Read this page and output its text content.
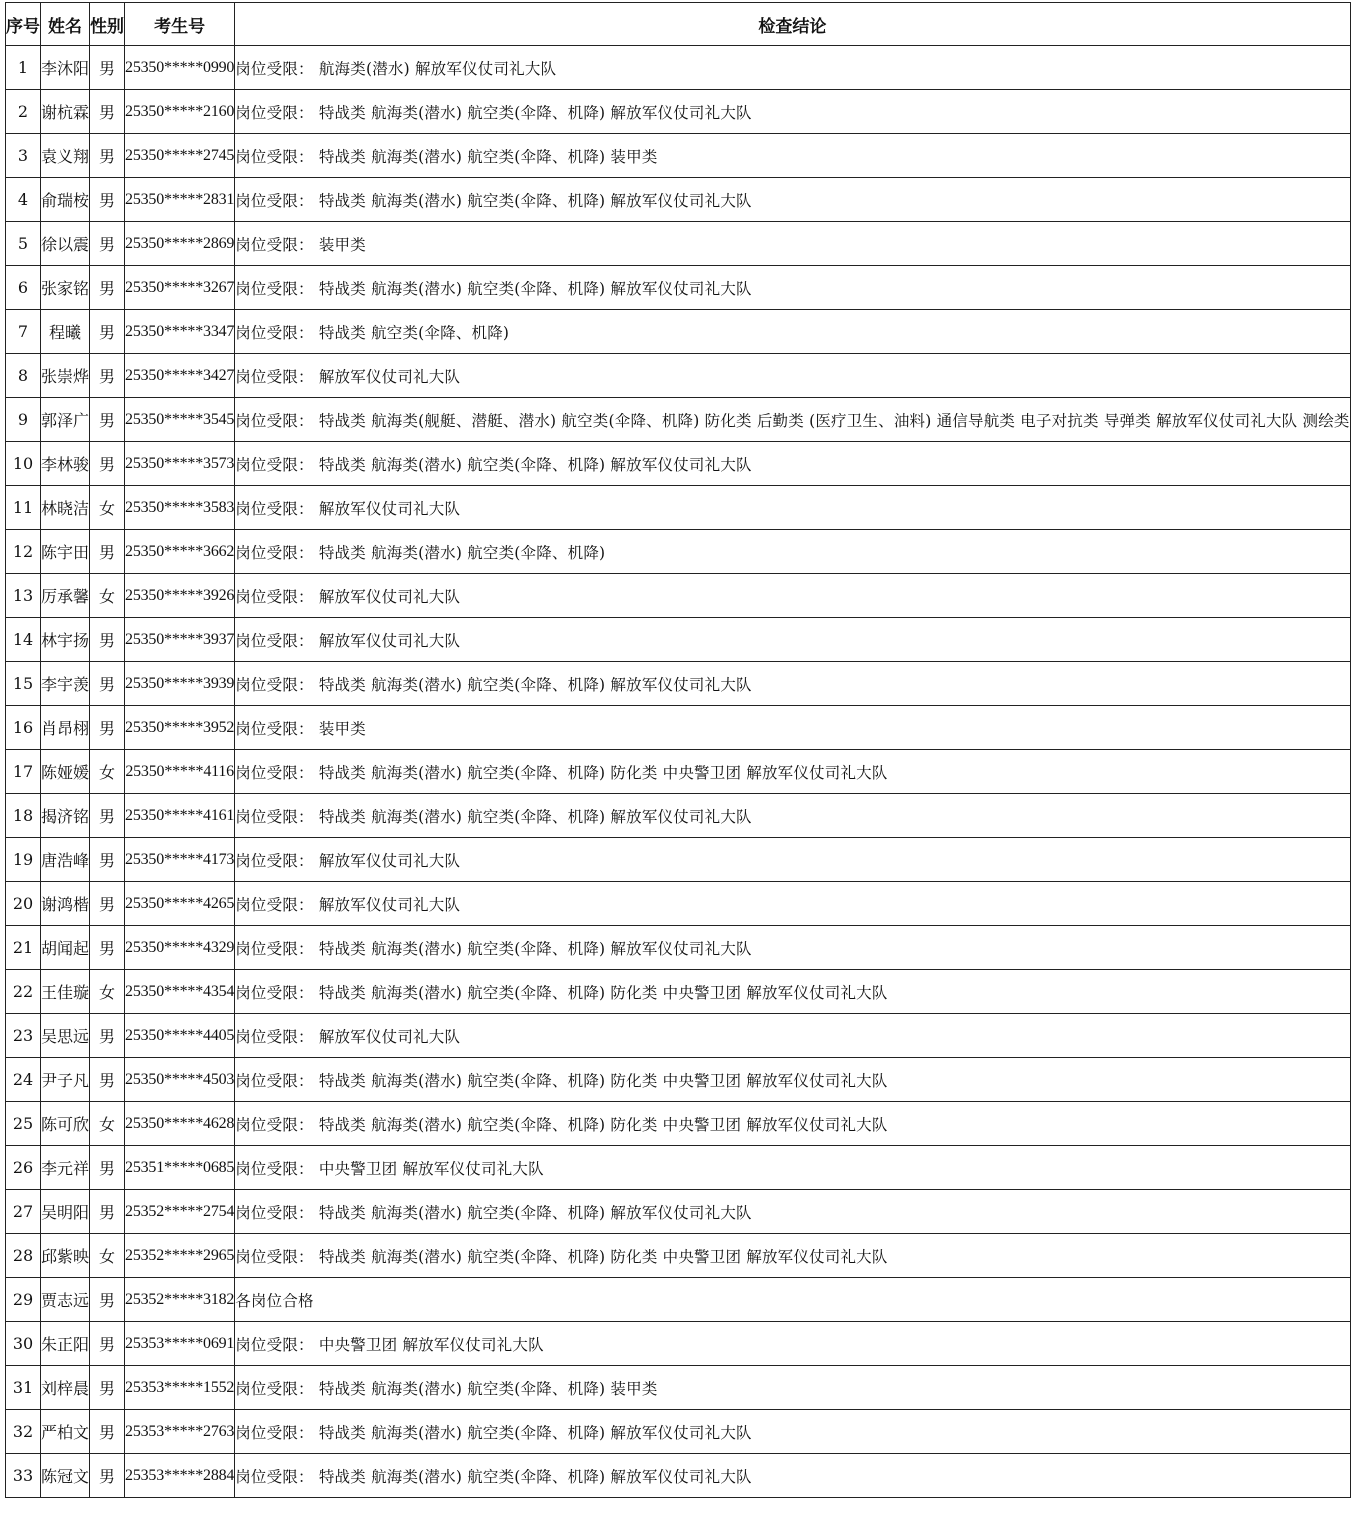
序号	姓名	性别	考生号	检查结论
1	李沐阳	男	25350*****0990	岗位受限： 航海类(潜水) 解放军仪仗司礼大队
2	谢杭霖	男	25350*****2160	岗位受限： 特战类 航海类(潜水) 航空类(伞降、机降) 解放军仪仗司礼大队
3	袁义翔	男	25350*****2745	岗位受限： 特战类 航海类(潜水) 航空类(伞降、机降) 装甲类
4	俞瑞桉	男	25350*****2831	岗位受限： 特战类 航海类(潜水) 航空类(伞降、机降) 解放军仪仗司礼大队
5	徐以震	男	25350*****2869	岗位受限： 装甲类
6	张家铭	男	25350*****3267	岗位受限： 特战类 航海类(潜水) 航空类(伞降、机降) 解放军仪仗司礼大队
7	程曦	男	25350*****3347	岗位受限： 特战类 航空类(伞降、机降)
8	张崇烨	男	25350*****3427	岗位受限： 解放军仪仗司礼大队
9	郭泽广	男	25350*****3545	岗位受限： 特战类 航海类(舰艇、潜艇、潜水) 航空类(伞降、机降) 防化类 后勤类 (医疗卫生、油料) 通信导航类 电子对抗类 导弹类 解放军仪仗司礼大队 测绘类
10	李林骏	男	25350*****3573	岗位受限： 特战类 航海类(潜水) 航空类(伞降、机降) 解放军仪仗司礼大队
11	林晓洁	女	25350*****3583	岗位受限： 解放军仪仗司礼大队
12	陈宇田	男	25350*****3662	岗位受限： 特战类 航海类(潜水) 航空类(伞降、机降)
13	厉承馨	女	25350*****3926	岗位受限： 解放军仪仗司礼大队
14	林宇扬	男	25350*****3937	岗位受限： 解放军仪仗司礼大队
15	李宇羡	男	25350*****3939	岗位受限： 特战类 航海类(潜水) 航空类(伞降、机降) 解放军仪仗司礼大队
16	肖昂栩	男	25350*****3952	岗位受限： 装甲类
17	陈娅媛	女	25350*****4116	岗位受限： 特战类 航海类(潜水) 航空类(伞降、机降) 防化类 中央警卫团 解放军仪仗司礼大队
18	揭济铭	男	25350*****4161	岗位受限： 特战类 航海类(潜水) 航空类(伞降、机降) 解放军仪仗司礼大队
19	唐浩峰	男	25350*****4173	岗位受限： 解放军仪仗司礼大队
20	谢鸿楷	男	25350*****4265	岗位受限： 解放军仪仗司礼大队
21	胡闻起	男	25350*****4329	岗位受限： 特战类 航海类(潜水) 航空类(伞降、机降) 解放军仪仗司礼大队
22	王佳璇	女	25350*****4354	岗位受限： 特战类 航海类(潜水) 航空类(伞降、机降) 防化类 中央警卫团 解放军仪仗司礼大队
23	吴思远	男	25350*****4405	岗位受限： 解放军仪仗司礼大队
24	尹子凡	男	25350*****4503	岗位受限： 特战类 航海类(潜水) 航空类(伞降、机降) 防化类 中央警卫团 解放军仪仗司礼大队
25	陈可欣	女	25350*****4628	岗位受限： 特战类 航海类(潜水) 航空类(伞降、机降) 防化类 中央警卫团 解放军仪仗司礼大队
26	李元祥	男	25351*****0685	岗位受限： 中央警卫团 解放军仪仗司礼大队
27	吴明阳	男	25352*****2754	岗位受限： 特战类 航海类(潜水) 航空类(伞降、机降) 解放军仪仗司礼大队
28	邱紫映	女	25352*****2965	岗位受限： 特战类 航海类(潜水) 航空类(伞降、机降) 防化类 中央警卫团 解放军仪仗司礼大队
29	贾志远	男	25352*****3182	各岗位合格
30	朱正阳	男	25353*****0691	岗位受限： 中央警卫团 解放军仪仗司礼大队
31	刘梓晨	男	25353*****1552	岗位受限： 特战类 航海类(潜水) 航空类(伞降、机降) 装甲类
32	严柏文	男	25353*****2763	岗位受限： 特战类 航海类(潜水) 航空类(伞降、机降) 解放军仪仗司礼大队
33	陈冠文	男	25353*****2884	岗位受限： 特战类 航海类(潜水) 航空类(伞降、机降) 解放军仪仗司礼大队
